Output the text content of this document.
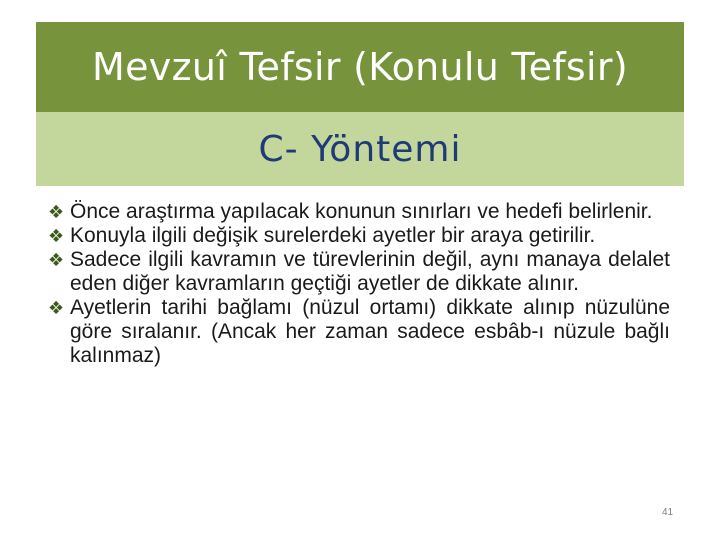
Mevzuî Tefsir (Konulu Tefsir)
C- Yöntemi
❖ Önce araştırma yapılacak konunun sınırları ve hedefi belirlenir.
❖ Konuyla ilgili değişik surelerdeki ayetler bir araya getirilir.
❖ Sadece ilgili kavramın ve türevlerinin değil, aynı manaya delalet eden diğer kavramların geçtiği ayetler de dikkate alınır.
❖ Ayetlerin tarihi bağlamı (nüzul ortamı) dikkate alınıp nüzulüne göre sıralanır. (Ancak her zaman sadece esbâb-ı nüzule bağlı kalınmaz)
41
